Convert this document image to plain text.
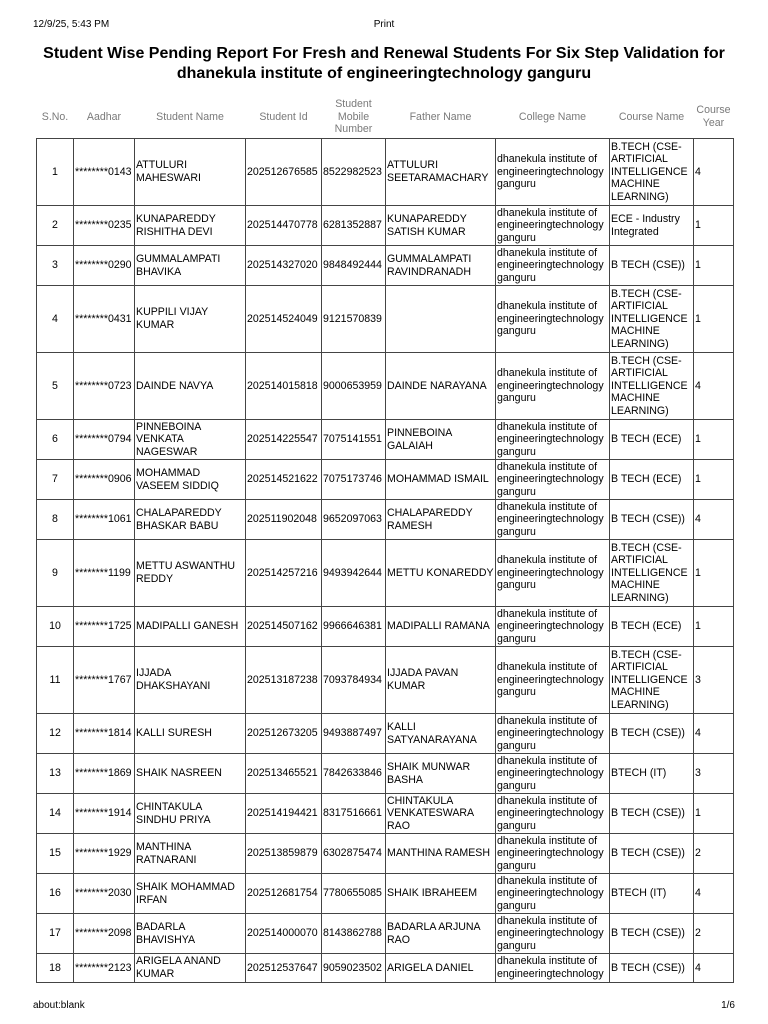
12/9/25, 5:43 PM	Print
Student Wise Pending Report For Fresh and Renewal Students For Six Step Validation for dhanekula institute of engineeringtechnology ganguru
S.No.	Aadhar	Student Name	Student Id	Student Mobile Number	Father Name	College Name	Course Name	Course Year
1	********0143	ATTULURI MAHESWARI	202512676585	8522982523	ATTULURI SEETARAMACHARY	dhanekula institute of engineeringtechnology ganguru	B.TECH (CSE-ARTIFICIAL INTELLIGENCE MACHINE LEARNING)	4
2	********0235	KUNAPAREDDY RISHITHA DEVI	202514470778	6281352887	KUNAPAREDDY SATISH KUMAR	dhanekula institute of engineeringtechnology ganguru	ECE - Industry Integrated	1
3	********0290	GUMMALAMPATI BHAVIKA	202514327020	9848492444	GUMMALAMPATI RAVINDRANADH	dhanekula institute of engineeringtechnology ganguru	B TECH (CSE))	1
4	********0431	KUPPILI VIJAY KUMAR	202514524049	9121570839		dhanekula institute of engineeringtechnology ganguru	B.TECH (CSE-ARTIFICIAL INTELLIGENCE MACHINE LEARNING)	1
5	********0723	DAINDE NAVYA	202514015818	9000653959	DAINDE NARAYANA	dhanekula institute of engineeringtechnology ganguru	B.TECH (CSE-ARTIFICIAL INTELLIGENCE MACHINE LEARNING)	4
6	********0794	PINNEBOINA VENKATA NAGESWAR	202514225547	7075141551	PINNEBOINA GALAIAH	dhanekula institute of engineeringtechnology ganguru	B TECH (ECE)	1
7	********0906	MOHAMMAD VASEEM SIDDIQ	202514521622	7075173746	MOHAMMAD ISMAIL	dhanekula institute of engineeringtechnology ganguru	B TECH (ECE)	1
8	********1061	CHALAPAREDDY BHASKAR BABU	202511902048	9652097063	CHALAPAREDDY RAMESH	dhanekula institute of engineeringtechnology ganguru	B TECH (CSE))	4
9	********1199	METTU ASWANTHU REDDY	202514257216	9493942644	METTU KONAREDDY	dhanekula institute of engineeringtechnology ganguru	B.TECH (CSE-ARTIFICIAL INTELLIGENCE MACHINE LEARNING)	1
10	********1725	MADIPALLI GANESH	202514507162	9966646381	MADIPALLI RAMANA	dhanekula institute of engineeringtechnology ganguru	B TECH (ECE)	1
11	********1767	IJJADA DHAKSHAYANI	202513187238	7093784934	IJJADA PAVAN KUMAR	dhanekula institute of engineeringtechnology ganguru	B.TECH (CSE-ARTIFICIAL INTELLIGENCE MACHINE LEARNING)	3
12	********1814	KALLI SURESH	202512673205	9493887497	KALLI SATYANARAYANA	dhanekula institute of engineeringtechnology ganguru	B TECH (CSE))	4
13	********1869	SHAIK NASREEN	202513465521	7842633846	SHAIK MUNWAR BASHA	dhanekula institute of engineeringtechnology ganguru	BTECH (IT)	3
14	********1914	CHINTAKULA SINDHU PRIYA	202514194421	8317516661	CHINTAKULA VENKATESWARA RAO	dhanekula institute of engineeringtechnology ganguru	B TECH (CSE))	1
15	********1929	MANTHINA RATNARANI	202513859879	6302875474	MANTHINA RAMESH	dhanekula institute of engineeringtechnology ganguru	B TECH (CSE))	2
16	********2030	SHAIK MOHAMMAD IRFAN	202512681754	7780655085	SHAIK IBRAHEEM	dhanekula institute of engineeringtechnology ganguru	BTECH (IT)	4
17	********2098	BADARLA BHAVISHYA	202514000070	8143862788	BADARLA ARJUNA RAO	dhanekula institute of engineeringtechnology ganguru	B TECH (CSE))	2
18	********2123	ARIGELA ANAND KUMAR	202512537647	9059023502	ARIGELA DANIEL	dhanekula institute of engineeringtechnology	B TECH (CSE))	4
about:blank	1/6
